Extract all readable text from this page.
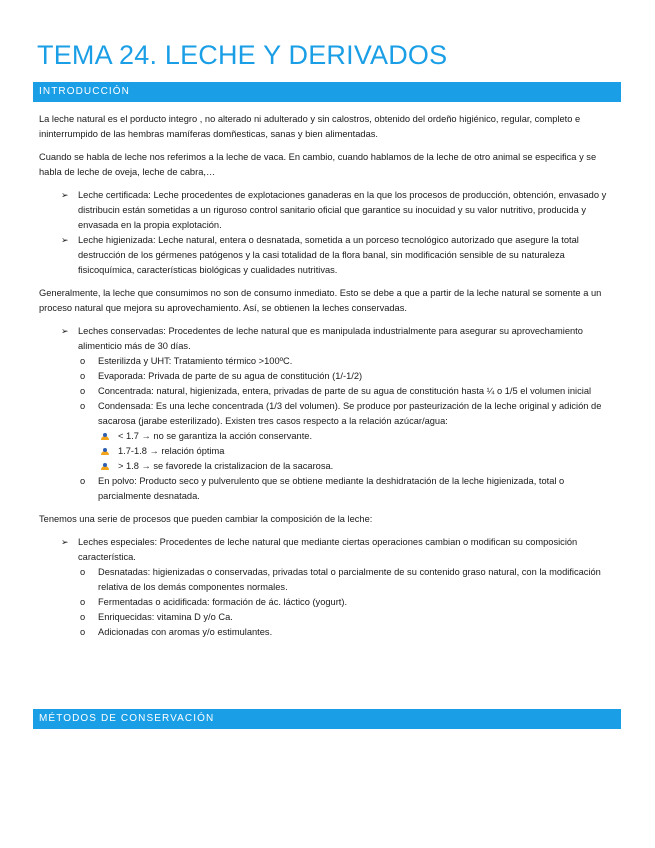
TEMA 24. LECHE Y DERIVADOS
INTRODUCCIÓN

La leche natural es el porducto integro , no alterado ni adulterado y sin calostros, obtenido del ordeño higiénico, regular, completo e ininterrumpido de las hembras mamíferas domñesticas, sanas y bien alimentadas.

Cuando se habla de leche nos referimos a la leche de vaca. En cambio, cuando hablamos de la leche de otro animal se especifica y se habla de leche de oveja, leche de cabra,…

➢ Leche certificada: Leche procedentes de explotaciones ganaderas en la que los procesos de producción, obtención, envasado y distribucin están sometidas a un riguroso control sanitario oficial que garantice su inocuidad y su valor nutritivo, producida y envasada en la propia explotación.
➢ Leche higienizada: Leche natural, entera o desnatada, sometida a un porceso tecnológico autorizado que asegure la total destrucción de los gérmenes patógenos y la casi totalidad de la flora banal, sin modificación sensible de su naturaleza fisicoquímica, características biológicas y cualidades nutritivas.

Generalmente, la leche que consumimos no son de consumo inmediato. Esto se debe a que a partir de la leche natural se somente a un proceso natural que mejora su aprovechamiento. Así, se obtienen la leches conservadas.

➢ Leches conservadas: Procedentes de leche natural que es manipulada industrialmente para asegurar su aprovechamiento alimenticio más de 30 días.
o Esterilizda y UHT: Tratamiento térmico >100ºC.
o Evaporada: Privada de parte de su agua de constitución (1/-1/2)
o Concentrada: natural, higienizada, entera, privadas de parte de su agua de constitución hasta ¼ o 1/5 el volumen inicial
o Condensada: Es una leche concentrada (1/3 del volumen). Se produce por pasteurización de la leche original y adición de sacarosa (jarabe esterilizado). Existen tres casos respecto a la relación azúcar/agua:
< 1.7 → no se garantiza la acción conservante.
1.7-1.8 → relación óptima
> 1.8 → se favorede la cristalizacion de la sacarosa.
o En polvo: Producto seco y pulverulento que se obtiene mediante la deshidratación de la leche higienizada, total o parcialmente desnatada.

Tenemos una serie de procesos que pueden cambiar la composición de la leche:

➢ Leches especiales: Procedentes de leche natural que mediante ciertas operaciones cambian o modifican su composición característica.
o Desnatadas: higienizadas o conservadas, privadas total o parcialmente de su contenido graso natural, con la modificación relativa de los demás componentes normales.
o Fermentadas o acidificada: formación de ác. láctico (yogurt).
o Enriquecidas: vitamina D y/o Ca.
o Adicionadas con aromas y/o estimulantes.
MÉTODOS DE CONSERVACIÓN
